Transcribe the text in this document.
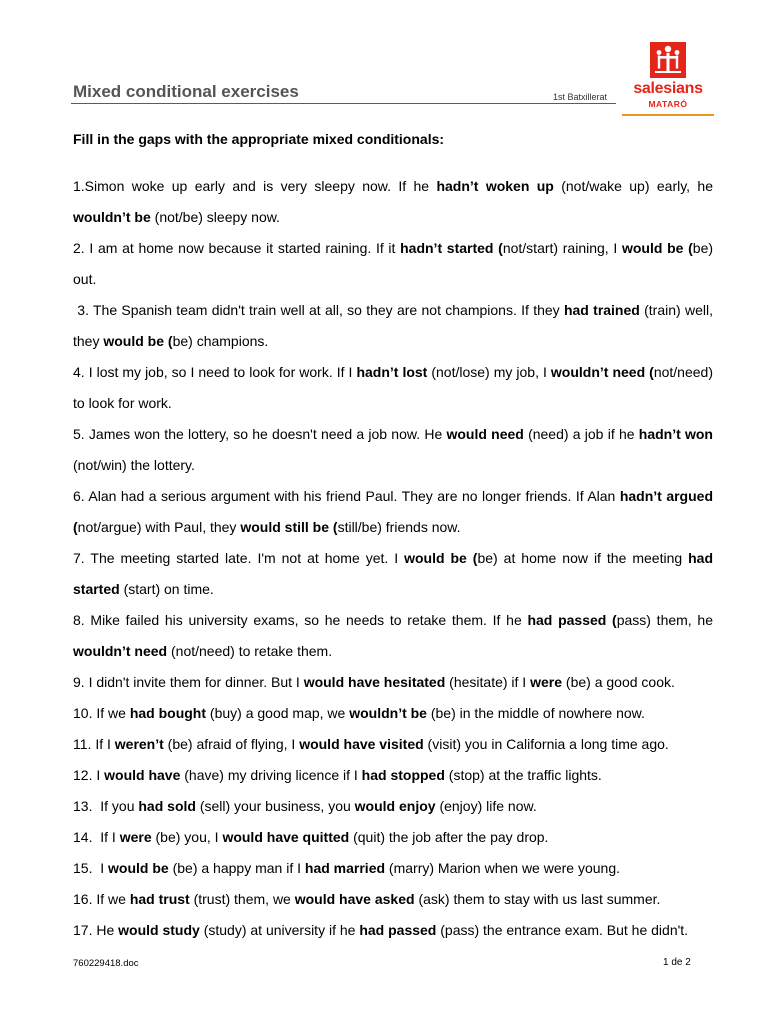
Mixed conditional exercises	1st Batxillerat	salesians
MATARÓ
Fill in the gaps with the appropriate mixed conditionals:

1.Simon woke up early and is very sleepy now. If he hadn’t woken up (not/wake up) early, he wouldn’t be (not/be) sleepy now.

2. I am at home now because it started raining. If it hadn’t started (not/start) raining, I would be (be) out.

3. The Spanish team didn't train well at all, so they are not champions. If they had trained (train) well, they would be (be) champions.

4. I lost my job, so I need to look for work. If I hadn’t lost (not/lose) my job, I wouldn’t need (not/need) to look for work.

5. James won the lottery, so he doesn't need a job now. He would need (need) a job if he hadn’t won (not/win) the lottery.

6. Alan had a serious argument with his friend Paul. They are no longer friends. If Alan hadn’t argued (not/argue) with Paul, they would still be (still/be) friends now.

7. The meeting started late. I'm not at home yet. I would be (be) at home now if the meeting had started (start) on time.

8. Mike failed his university exams, so he needs to retake them. If he had passed (pass) them, he wouldn’t need (not/need) to retake them.

9. I didn't invite them for dinner. But I would have hesitated (hesitate) if I were (be) a good cook.

10. If we had bought (buy) a good map, we wouldn’t be (be) in the middle of nowhere now.

11. If I weren’t (be) afraid of flying, I would have visited (visit) you in California a long time ago.

12. I would have (have) my driving licence if I had stopped (stop) at the traffic lights.

13.  If you had sold (sell) your business, you would enjoy (enjoy) life now.

14.  If I were (be) you, I would have quitted (quit) the job after the pay drop.

15.  I would be (be) a happy man if I had married (marry) Marion when we were young.

16. If we had trust (trust) them, we would have asked (ask) them to stay with us last summer.

17. He would study (study) at university if he had passed (pass) the entrance exam. But he didn't.

760229418.doc	1 de 2
